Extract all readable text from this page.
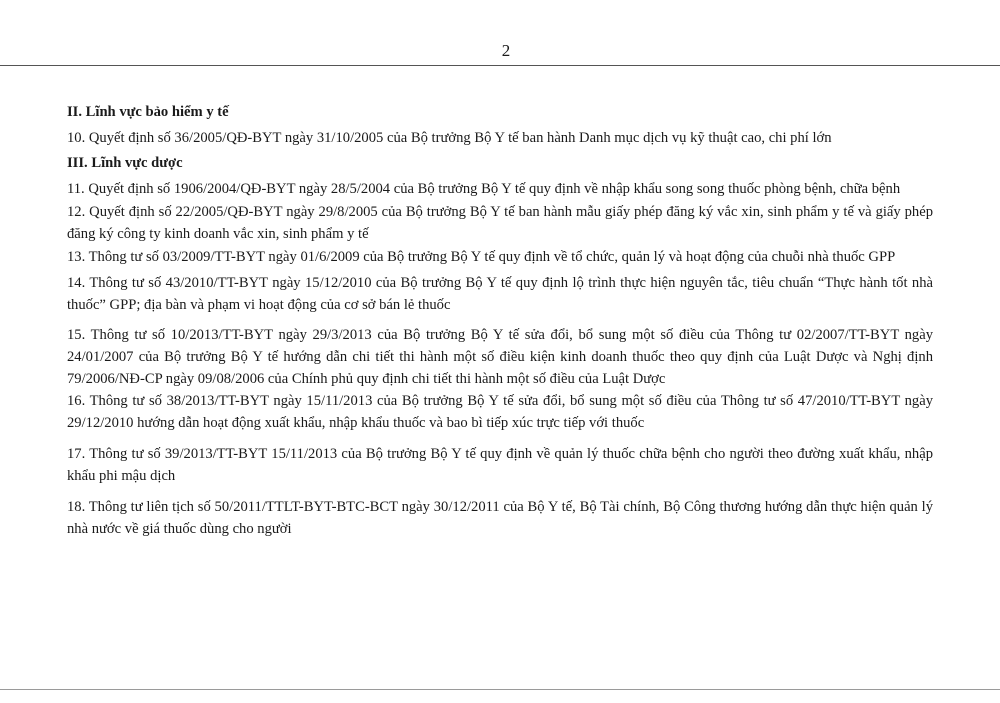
2

II. Lĩnh vực bảo hiểm y tế

10. Quyết định số 36/2005/QĐ-BYT ngày 31/10/2005 của Bộ trưởng Bộ Y tế ban hành Danh mục dịch vụ kỹ thuật cao, chi phí lớn

III. Lĩnh vực dược

11. Quyết định số 1906/2004/QĐ-BYT ngày 28/5/2004 của Bộ trưởng Bộ Y tế quy định về nhập khẩu song song thuốc phòng bệnh, chữa bệnh

12. Quyết định số 22/2005/QĐ-BYT ngày 29/8/2005 của Bộ trưởng Bộ Y tế ban hành mẫu giấy phép đăng ký vắc xin, sinh phẩm y tế và giấy phép đăng ký công ty kinh doanh vắc xin, sinh phẩm y tế

13. Thông tư số 03/2009/TT-BYT ngày 01/6/2009 của Bộ trưởng Bộ Y tế quy định về tổ chức, quản lý và hoạt động của chuỗi nhà thuốc GPP

14. Thông tư số 43/2010/TT-BYT ngày 15/12/2010 của Bộ trưởng Bộ Y tế quy định lộ trình thực hiện nguyên tắc, tiêu chuẩn “Thực hành tốt nhà thuốc” GPP; địa bàn và phạm vi hoạt động của cơ sở bán lẻ thuốc

15. Thông tư số 10/2013/TT-BYT ngày 29/3/2013 của Bộ trưởng Bộ Y tế sửa đổi, bổ sung một số điều của Thông tư 02/2007/TT-BYT ngày 24/01/2007 của Bộ trưởng Bộ Y tế hướng dẫn chi tiết thi hành một số điều kiện kinh doanh thuốc theo quy định của Luật Dược và Nghị định 79/2006/NĐ-CP ngày 09/08/2006 của Chính phủ quy định chi tiết thi hành một số điều của Luật Dược

16. Thông tư số 38/2013/TT-BYT ngày 15/11/2013 của Bộ trưởng Bộ Y tế sửa đổi, bổ sung một số điều của Thông tư số 47/2010/TT-BYT ngày 29/12/2010 hướng dẫn hoạt động xuất khẩu, nhập khẩu thuốc và bao bì tiếp xúc trực tiếp với thuốc

17. Thông tư số 39/2013/TT-BYT 15/11/2013 của Bộ trưởng Bộ Y tế quy định về quản lý thuốc chữa bệnh cho người theo đường xuất khẩu, nhập khẩu phi mậu dịch

18. Thông tư liên tịch số 50/2011/TTLT-BYT-BTC-BCT ngày 30/12/2011 của Bộ Y tế, Bộ Tài chính, Bộ Công thương hướng dẫn thực hiện quản lý nhà nước về giá thuốc dùng cho người
